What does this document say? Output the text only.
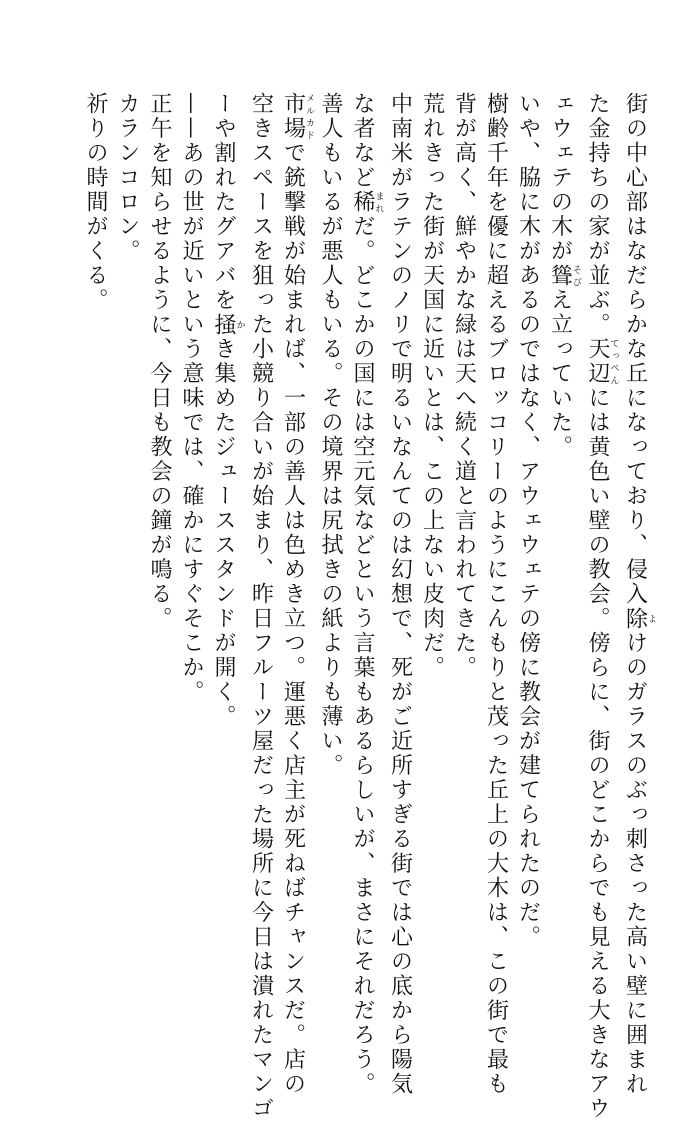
街の中心部はなだらかな丘になっており、侵入除よけのガラスのぶっ刺さった高い壁に囲まれ
た金持ちの家が並ぶ。天辺てっぺんには黄色い壁の教会。傍らに、街のどこからでも見える大きなアウ
ェウェテの木が聳そびえ立っていた。
いや、脇に木があるのではなく、アウェウェテの傍に教会が建てられたのだ。
樹齢千年を優に超えるブロッコリーのようにこんもりと茂った丘上の大木は、この街で最も
背が高く、鮮やかな緑は天へ続く道と言われてきた。
荒れきった街が天国に近いとは、この上ない皮肉だ。
中南米がラテンのノリで明るいなんてのは幻想で、死がご近所すぎる街では心の底から陽気
な者など稀まれだ。どこかの国には空元気などという言葉もあるらしいが、まさにそれだろう。
善人もいるが悪人もいる。その境界は尻拭きの紙よりも薄い。
市場メルカドで銃撃戦が始まれば、一部の善人は色めき立つ。運悪く店主が死ねばチャンスだ。店の
空きスペースを狙った小競り合いが始まり、昨日フルーツ屋だった場所に今日は潰れたマンゴ
ーや割れたグアバを掻かき集めたジューススタンドが開く。
——あの世が近いという意味では、確かにすぐそこか。
正午を知らせるように、今日も教会の鐘が鳴る。
カランコロン。
祈りの時間がくる。
